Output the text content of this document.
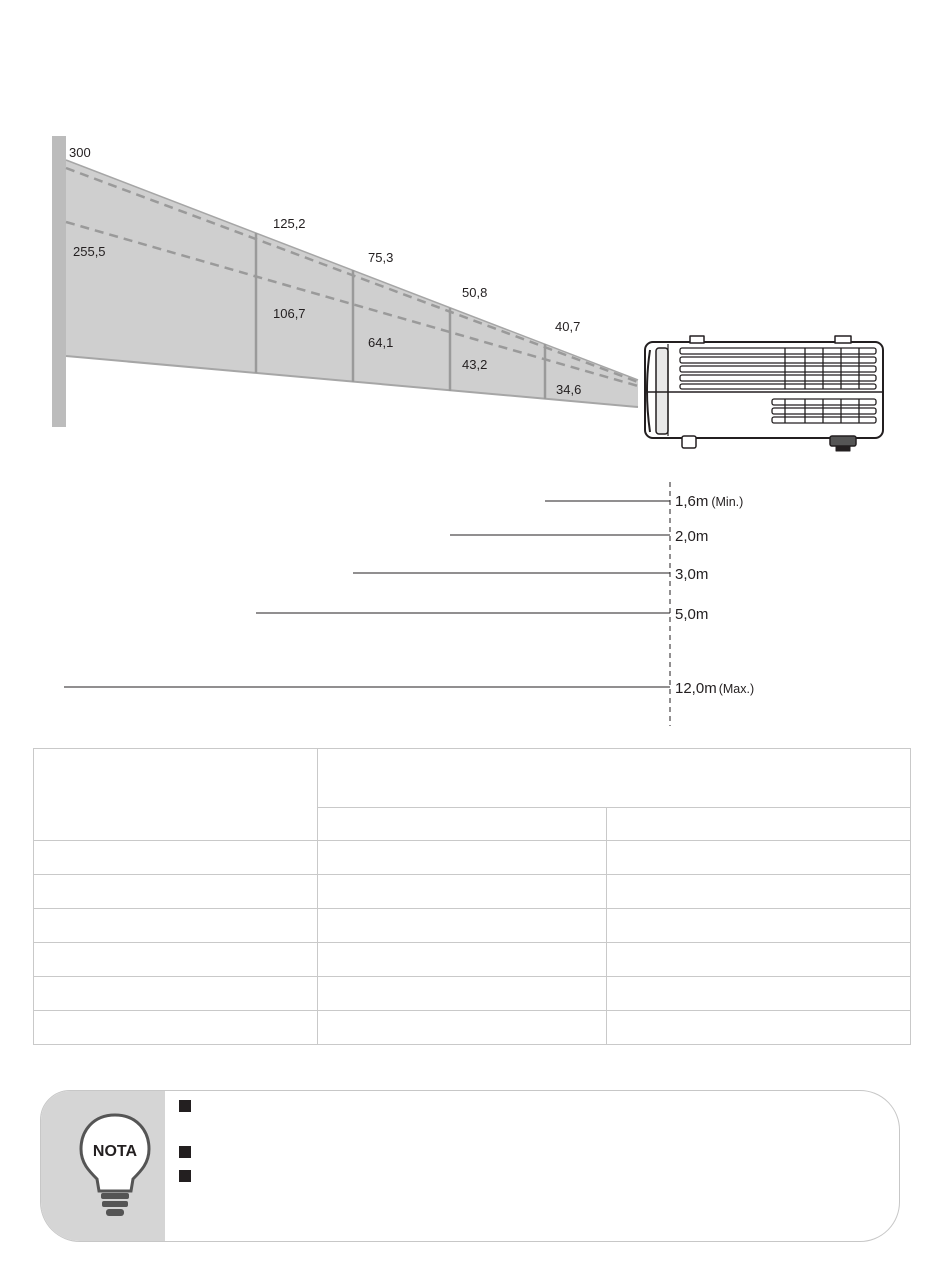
300
255,5
125,2
106,7
75,3
64,1
50,8
43,2
40,7
34,6
1,6m (Min.)
2,0m
3,0m
5,0m
12,0m (Max.)

NOTA
